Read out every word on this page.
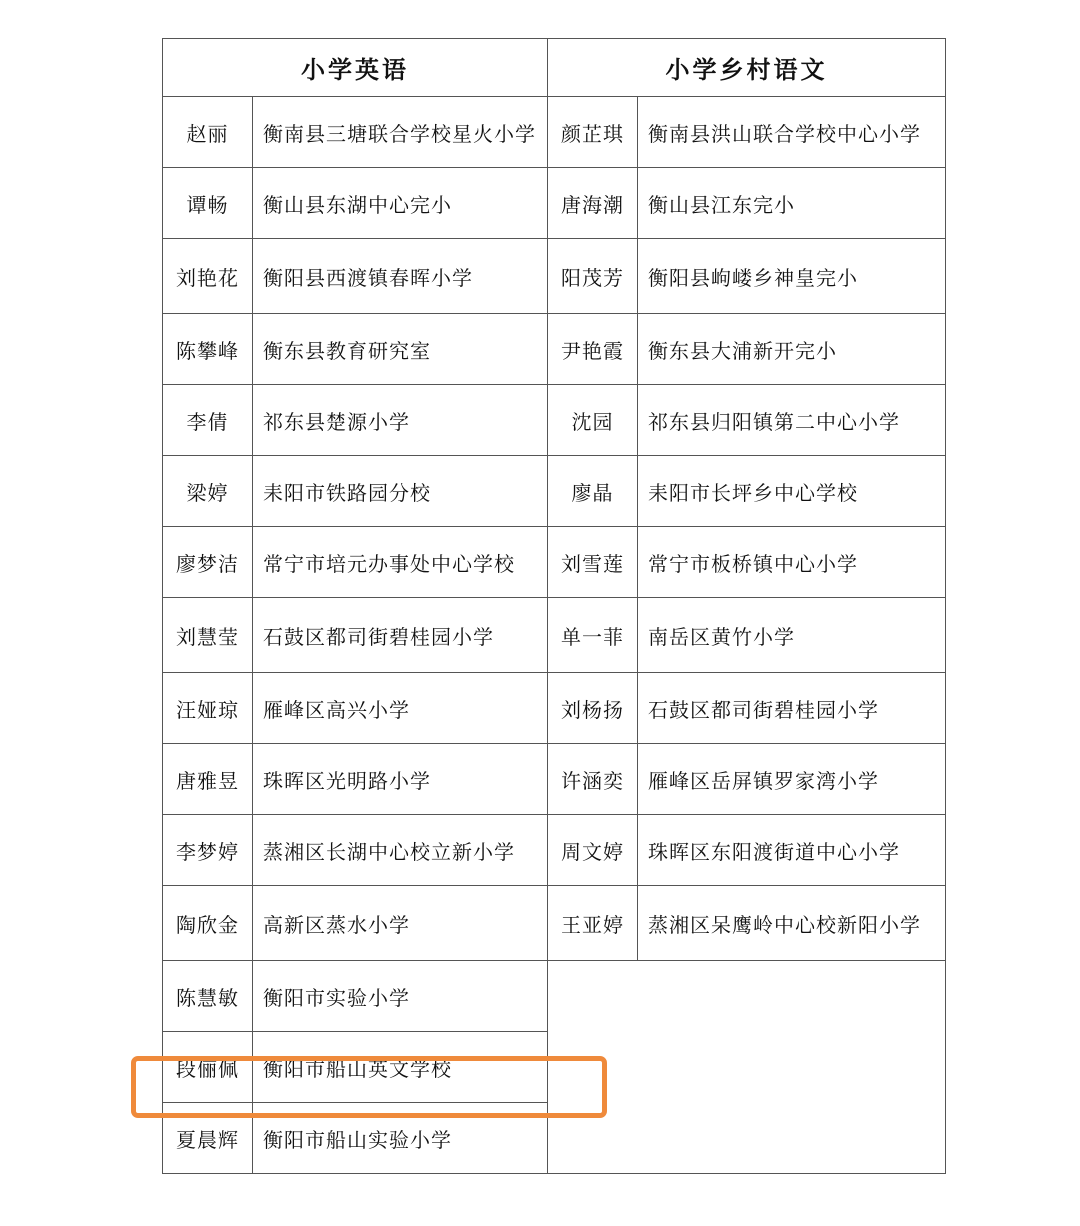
小学英语		小学乡村语文	
赵丽	衡南县三塘联合学校星火小学	颜芷琪	衡南县洪山联合学校中心小学
谭畅	衡山县东湖中心完小	唐海潮	衡山县江东完小
刘艳花	衡阳县西渡镇春晖小学	阳茂芳	衡阳县岣嵝乡神皇完小
陈攀峰	衡东县教育研究室	尹艳霞	衡东县大浦新开完小
李倩	祁东县楚源小学	沈园	祁东县归阳镇第二中心小学
梁婷	耒阳市铁路园分校	廖晶	耒阳市长坪乡中心学校
廖梦洁	常宁市培元办事处中心学校	刘雪莲	常宁市板桥镇中心小学
刘慧莹	石鼓区都司街碧桂园小学	单一菲	南岳区黄竹小学
汪娅琼	雁峰区高兴小学	刘杨扬	石鼓区都司街碧桂园小学
唐雅昱	珠晖区光明路小学	许涵奕	雁峰区岳屏镇罗家湾小学
李梦婷	蒸湘区长湖中心校立新小学	周文婷	珠晖区东阳渡街道中心小学
陶欣金	高新区蒸水小学	王亚婷	蒸湘区呆鹰岭中心校新阳小学
陈慧敏	衡阳市实验小学		
段俪佩	衡阳市船山英文学校		
夏晨辉	衡阳市船山实验小学		
